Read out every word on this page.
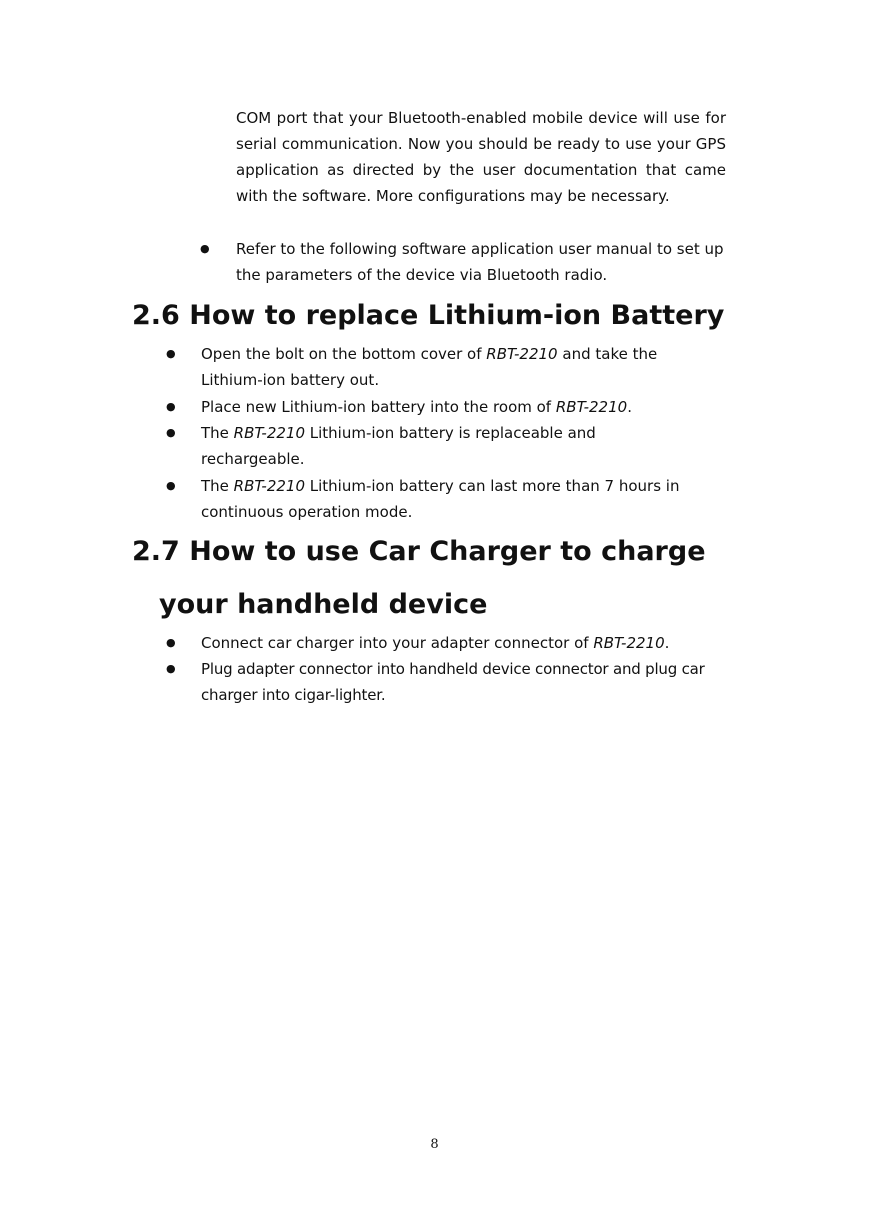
COM port that your Bluetooth-enabled mobile device will use for serial communication. Now you should be ready to use your GPS application as directed by the user documentation that came with the software. More configurations may be necessary.

● Refer to the following software application user manual to set up the parameters of the device via Bluetooth radio.
2.6 How to replace Lithium-ion Battery
● Open the bolt on the bottom cover of RBT-2210 and take the
Lithium-ion battery out.
● Place new Lithium-ion battery into the room of RBT-2210.
● The RBT-2210 Lithium-ion battery is replaceable and
rechargeable.
● The RBT-2210 Lithium-ion battery can last more than 7 hours in
continuous operation mode.
2.7 How to use Car Charger to charge
your handheld device
● Connect car charger into your adapter connector of RBT-2210.
● Plug adapter connector into handheld device connector and plug car
charger into cigar-lighter.
8
